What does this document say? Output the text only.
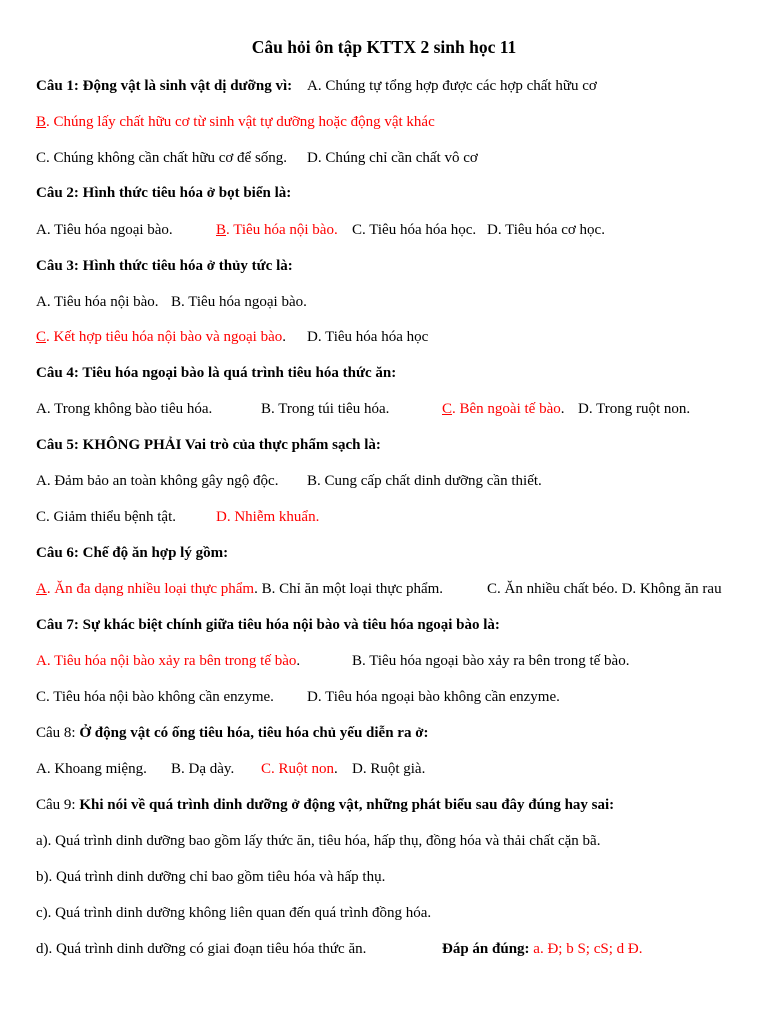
Câu hỏi ôn tập KTTX 2 sinh học 11
Câu 1: Động vật là sinh vật dị dưỡng vì: A. Chúng tự tổng hợp được các hợp chất hữu cơ
B. Chúng lấy chất hữu cơ từ sinh vật tự dưỡng hoặc động vật khác
C. Chúng không cần chất hữu cơ để sống. D. Chúng chỉ cần chất vô cơ
Câu 2: Hình thức tiêu hóa ở bọt biển là:
A. Tiêu hóa ngoại bào.	B. Tiêu hóa nội bào. C. Tiêu hóa hóa học. D. Tiêu hóa cơ học.
Câu 3: Hình thức tiêu hóa ở thủy tức là:
A. Tiêu hóa nội bào. B. Tiêu hóa ngoại bào.
C. Kết hợp tiêu hóa nội bào và ngoại bào. D. Tiêu hóa hóa học
Câu 4: Tiêu hóa ngoại bào là quá trình tiêu hóa thức ăn:
A. Trong không bào tiêu hóa.	B. Trong túi tiêu hóa.	C. Bên ngoài tế bào. D. Trong ruột non.
Câu 5: KHÔNG PHẢI Vai trò của thực phẩm sạch là:
A. Đảm bảo an toàn không gây ngộ độc. B. Cung cấp chất dinh dưỡng cần thiết.
C. Giảm thiểu bệnh tật.	D. Nhiễm khuẩn.
Câu 6: Chế độ ăn hợp lý gồm:
A. Ăn đa dạng nhiều loại thực phẩm. B. Chỉ ăn một loại thực phẩm.	C. Ăn nhiều chất béo. D. Không ăn rau
Câu 7: Sự khác biệt chính giữa tiêu hóa nội bào và tiêu hóa ngoại bào là:
A. Tiêu hóa nội bào xảy ra bên trong tế bào.	B. Tiêu hóa ngoại bào xảy ra bên trong tế bào.
C. Tiêu hóa nội bào không cần enzyme. D. Tiêu hóa ngoại bào không cần enzyme.
Câu 8: Ở động vật có ống tiêu hóa, tiêu hóa chủ yếu diễn ra ở:
A. Khoang miệng. B. Dạ dày. C. Ruột non. D. Ruột già.
Câu 9: Khi nói về quá trình dinh dưỡng ở động vật, những phát biểu sau đây đúng hay sai:
a). Quá trình dinh dưỡng bao gồm lấy thức ăn, tiêu hóa, hấp thụ, đồng hóa và thải chất cặn bã.
b). Quá trình dinh dưỡng chỉ bao gồm tiêu hóa và hấp thụ.
c). Quá trình dinh dưỡng không liên quan đến quá trình đồng hóa.
d). Quá trình dinh dưỡng có giai đoạn tiêu hóa thức ăn.	Đáp án đúng: a. Đ; b S; cS; d Đ.
